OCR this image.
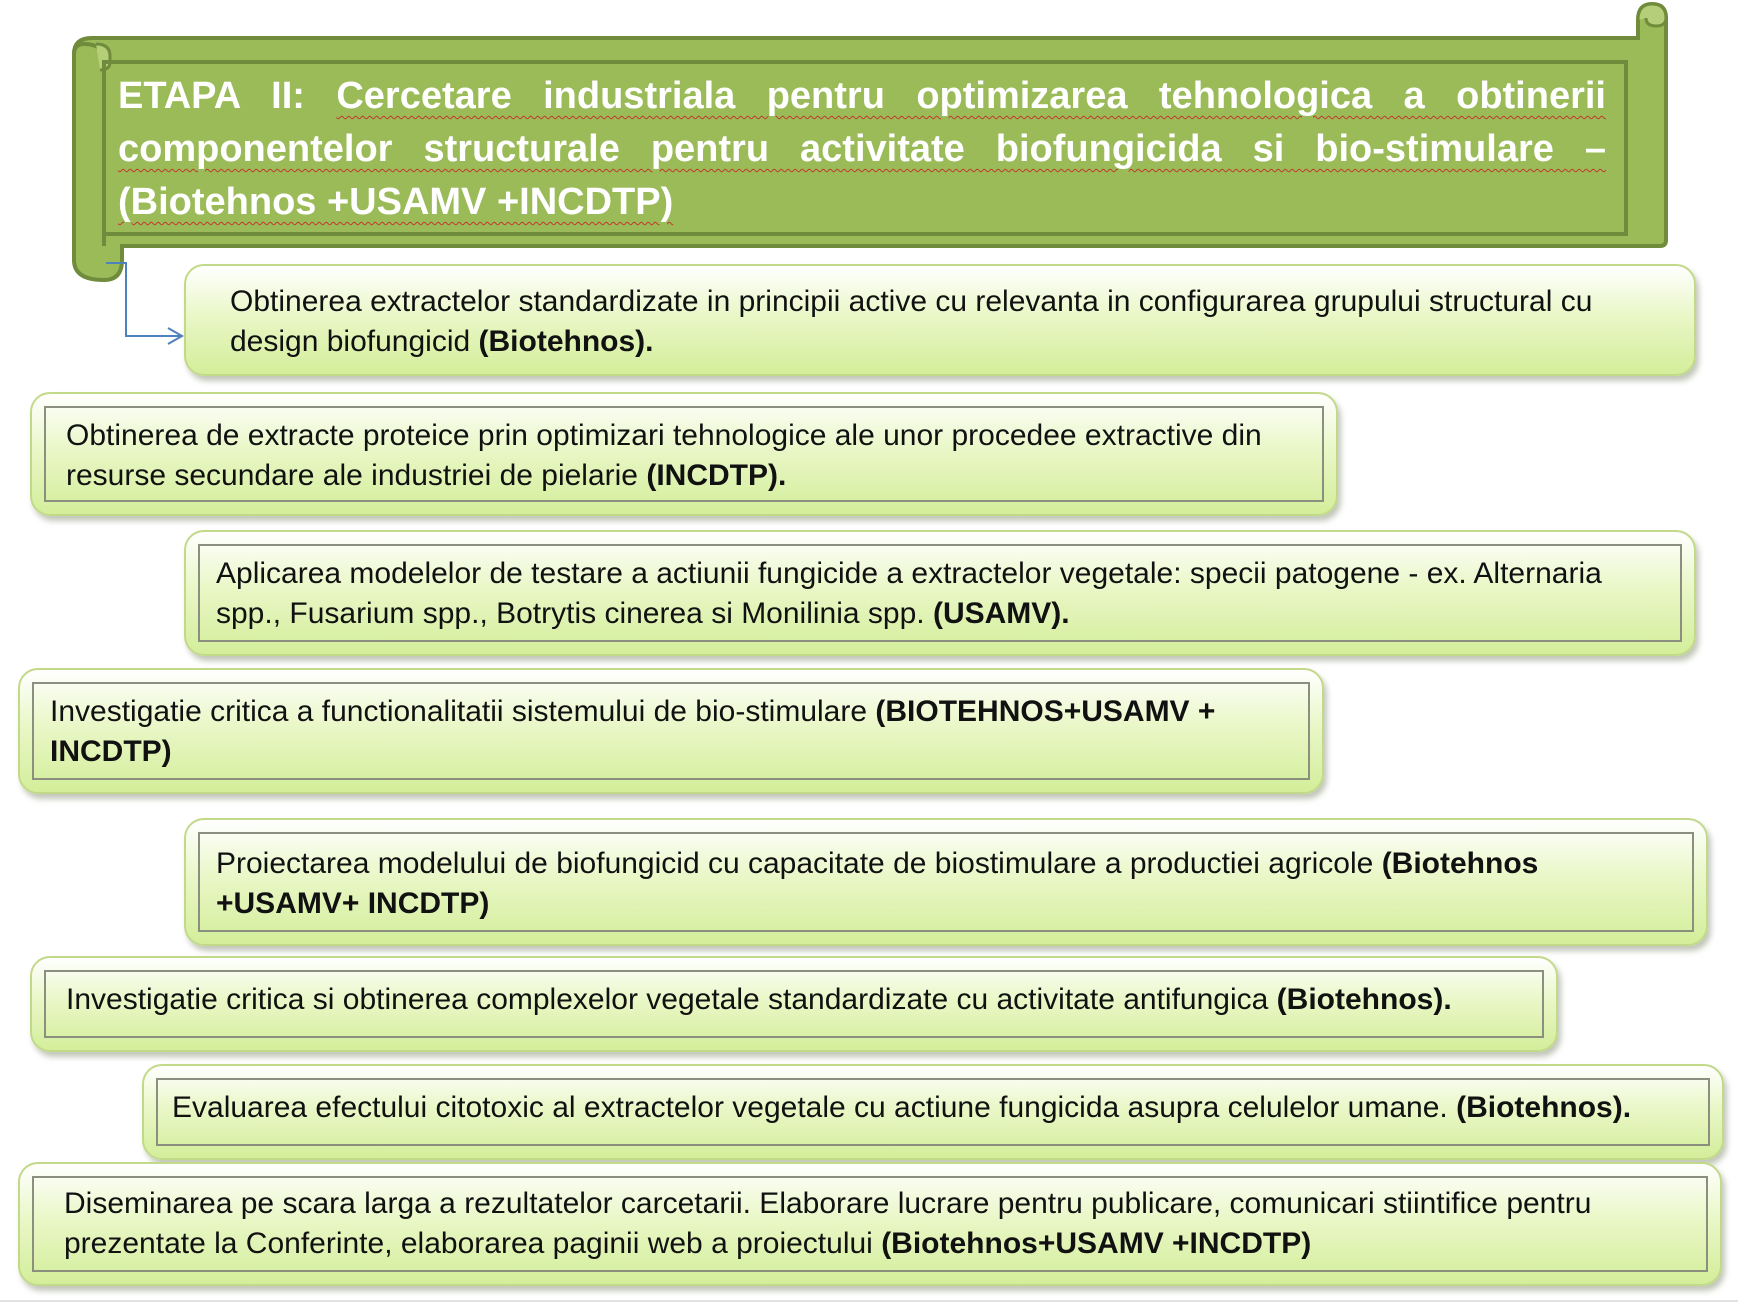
ETAPA II: Cercetare industriala pentru optimizarea tehnologica a obtinerii componentelor structurale pentru activitate biofungicida si bio-stimulare – (Biotehnos +USAMV +INCDTP)
Obtinerea extractelor standardizate in principii active cu relevanta in configurarea grupului structural cu design biofungicid (Biotehnos).
Obtinerea de extracte proteice prin optimizari tehnologice ale unor procedee extractive din resurse secundare ale industriei de pielarie (INCDTP).
Aplicarea modelelor de testare a actiunii fungicide a extractelor vegetale: specii patogene - ex. Alternaria spp., Fusarium spp., Botrytis cinerea si Monilinia spp. (USAMV).
Investigatie critica a functionalitatii sistemului de bio-stimulare (BIOTEHNOS+USAMV + INCDTP)
Proiectarea modelului de biofungicid cu capacitate de biostimulare a productiei agricole (Biotehnos +USAMV+ INCDTP)
Investigatie critica si obtinerea complexelor vegetale standardizate cu activitate antifungica (Biotehnos).
Evaluarea efectului citotoxic al extractelor vegetale cu actiune fungicida asupra celulelor umane. (Biotehnos).
Diseminarea pe scara larga a rezultatelor carcetarii. Elaborare lucrare pentru publicare, comunicari stiintifice pentru prezentate la Conferinte, elaborarea paginii web a proiectului (Biotehnos+USAMV +INCDTP)
